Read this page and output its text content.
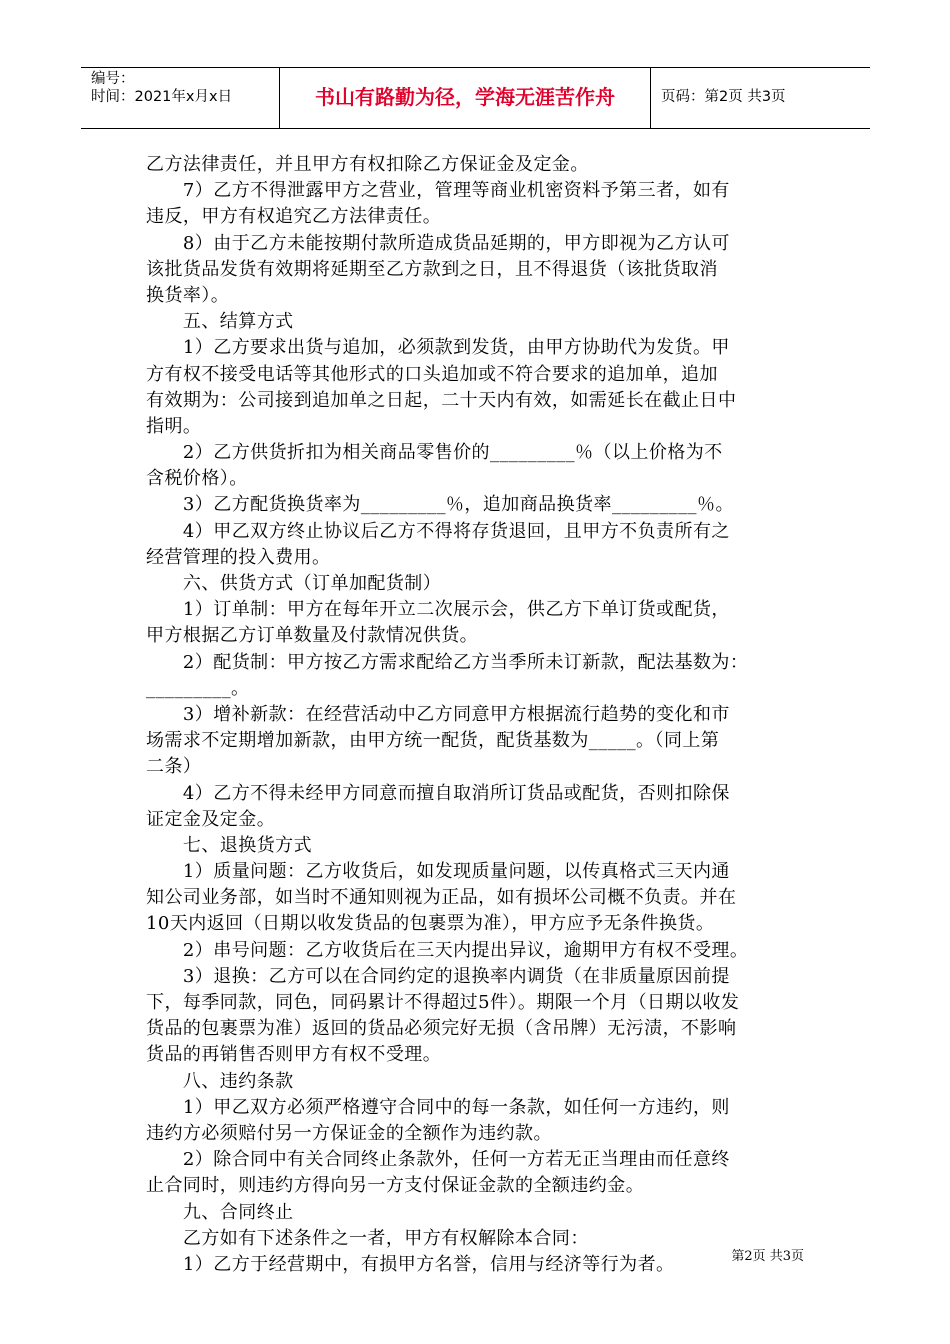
编号：
时间：2021年x月x日	书山有路勤为径，学海无涯苦作舟	页码：第2页 共3页
乙方法律责任，并且甲方有权扣除乙方保证金及定金。
　　7）乙方不得泄露甲方之营业，管理等商业机密资料予第三者，如有
违反，甲方有权追究乙方法律责任。
　　8）由于乙方未能按期付款所造成货品延期的，甲方即视为乙方认可
该批货品发货有效期将延期至乙方款到之日，且不得退货（该批货取消
换货率）。
　　五、结算方式
　　1）乙方要求出货与追加，必须款到发货，由甲方协助代为发货。甲
方有权不接受电话等其他形式的口头追加或不符合要求的追加单，追加
有效期为：公司接到追加单之日起，二十天内有效，如需延长在截止日中
指明。
　　2）乙方供货折扣为相关商品零售价的_________％（以上价格为不
含税价格）。
　　3）乙方配货换货率为_________％，追加商品换货率_________％。
　　4）甲乙双方终止协议后乙方不得将存货退回，且甲方不负责所有之
经营管理的投入费用。
　　六、供货方式（订单加配货制）
　　1）订单制：甲方在每年开立二次展示会，供乙方下单订货或配货，
甲方根据乙方订单数量及付款情况供货。
　　2）配货制：甲方按乙方需求配给乙方当季所未订新款，配法基数为：
_________。
　　3）增补新款：在经营活动中乙方同意甲方根据流行趋势的变化和市
场需求不定期增加新款，由甲方统一配货，配货基数为_____。（同上第
二条）
　　4）乙方不得未经甲方同意而擅自取消所订货品或配货，否则扣除保
证定金及定金。
　　七、退换货方式
　　1）质量问题：乙方收货后，如发现质量问题，以传真格式三天内通
知公司业务部，如当时不通知则视为正品，如有损坏公司概不负责。并在
10天内返回（日期以收发货品的包裹票为准），甲方应予无条件换货。
　　2）串号问题：乙方收货后在三天内提出异议，逾期甲方有权不受理。
　　3）退换：乙方可以在合同约定的退换率内调货（在非质量原因前提
下，每季同款，同色，同码累计不得超过5件）。期限一个月（日期以收发
货品的包裹票为准）返回的货品必须完好无损（含吊牌）无污渍，不影响
货品的再销售否则甲方有权不受理。
　　八、违约条款
　　1）甲乙双方必须严格遵守合同中的每一条款，如任何一方违约，则
违约方必须赔付另一方保证金的全额作为违约款。
　　2）除合同中有关合同终止条款外，任何一方若无正当理由而任意终
止合同时，则违约方得向另一方支付保证金款的全额违约金。
　　九、合同终止
　　乙方如有下述条件之一者，甲方有权解除本合同：
　　1）乙方于经营期中，有损甲方名誉，信用与经济等行为者。	第2页 共3页
